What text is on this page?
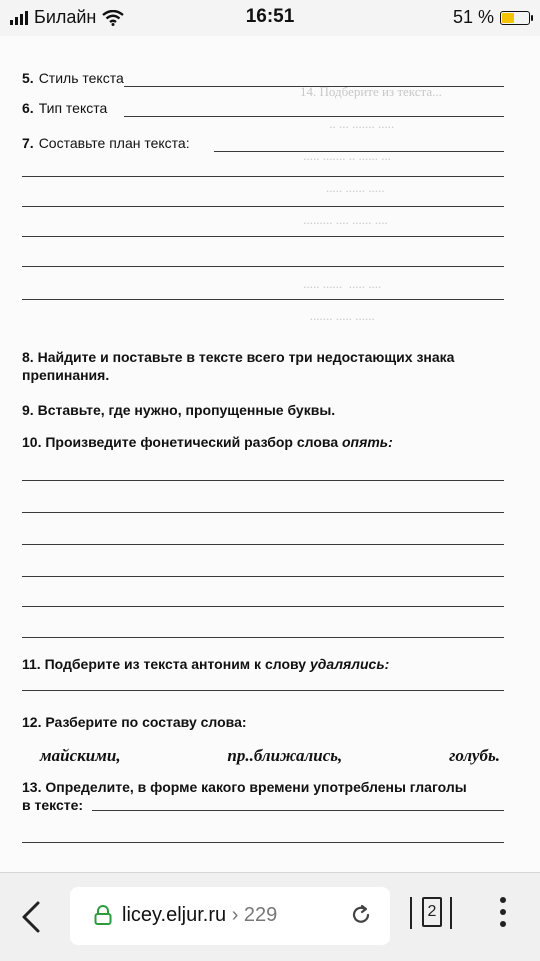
Билайн	16:51	51 %
14. Подберите из текста...
.. ... ....... .....
..... ....... .. ...... ...
..... ...... .....
......... .... ...... ....

..... ......  ..... ....
....... ..... ......
5. Стиль текста
6. Тип текста
7. Составьте план текста:
8. Найдите и поставьте в тексте всего три недостающих знака
препинания.
9. Вставьте, где нужно, пропущенные буквы.
10. Произведите фонетический разбор слова опять:
11. Подберите из текста антоним к слову удалялись:
12. Разберите по составу слова:
майскими,	пр..ближались,	голубь.
13. Определите, в форме какого времени употреблены глаголы
в тексте:
licey.eljur.ru › 229	2
